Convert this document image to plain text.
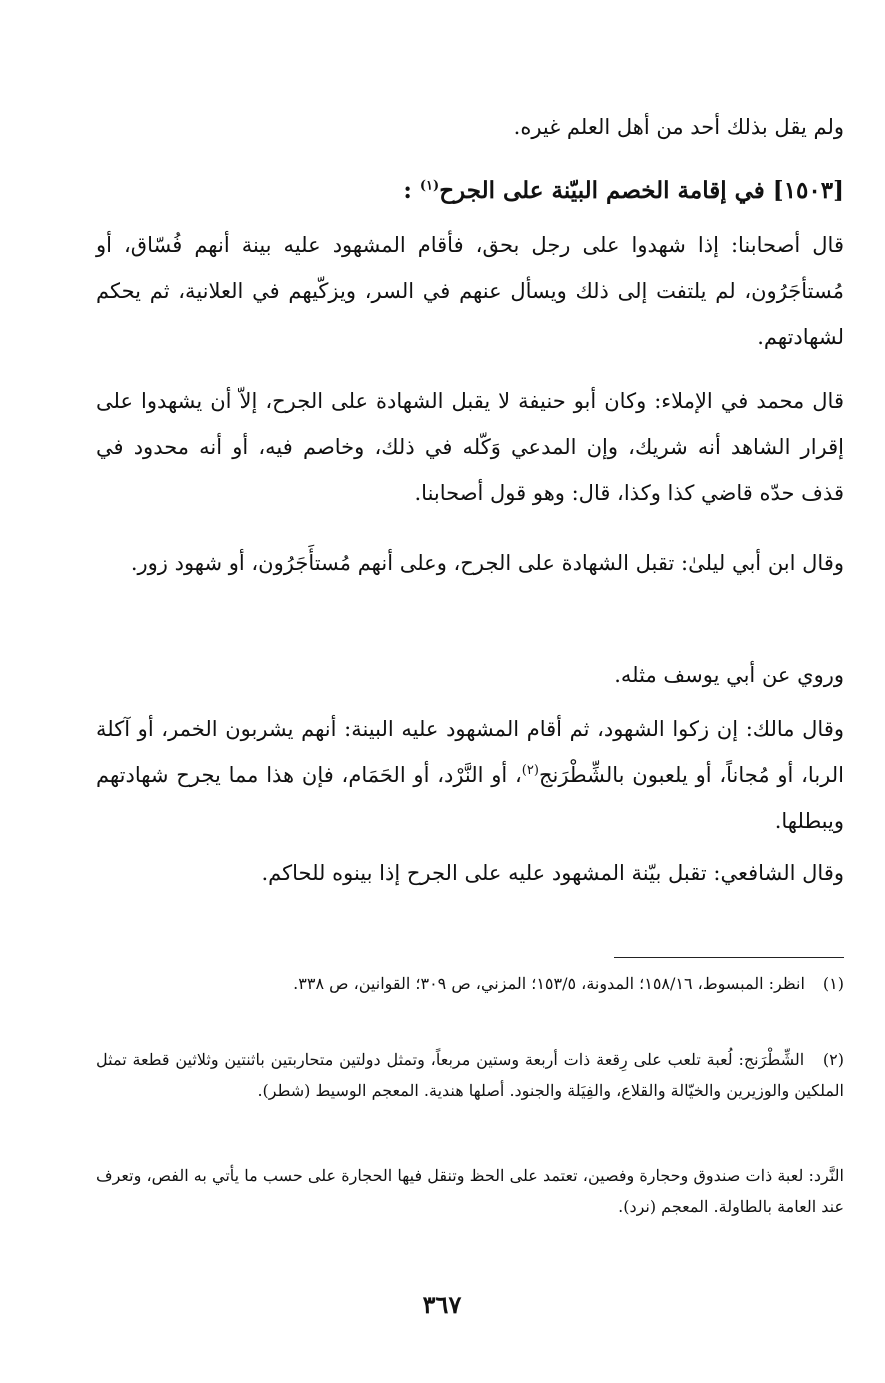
ولم يقل بذلك أحد من أهل العلم غيره.
[١٥٠٣] في إقامة الخصم البيّنة على الجرح$^{(١)}$ :
قال أصحابنا: إذا شهدوا على رجل بحق، فأقام المشهود عليه بينة أنهم فُسّاق، أو مُستأجَرُون، لم يلتفت إلى ذلك ويسأل عنهم في السر، ويزكّيهم في العلانية، ثم يحكم لشهادتهم.
قال محمد في الإملاء: وكان أبو حنيفة لا يقبل الشهادة على الجرح، إلاّ أن يشهدوا على إقرار الشاهد أنه شريك، وإن المدعي وَكّله في ذلك، وخاصم فيه، أو أنه محدود في قذف حدّه قاضي كذا وكذا، قال: وهو قول أصحابنا.
وقال ابن أبي ليلىٰ: تقبل الشهادة على الجرح، وعلى أنهم مُستأَجَرُون، أو شهود زور.
وروي عن أبي يوسف مثله.
وقال مالك: إن زكوا الشهود، ثم أقام المشهود عليه البينة: أنهم يشربون الخمر، أو آكلة الربا، أو مُجاناً، أو يلعبون بالشِّطْرَنج$^{(٢)}$، أو النَّرْد، أو الحَمَام، فإن هذا مما يجرح شهادتهم ويبطلها.
وقال الشافعي: تقبل بيّنة المشهود عليه على الجرح إذا بينوه للحاكم.
(١) انظر: المبسوط، ١٥٨/١٦؛ المدونة، ١٥٣/٥؛ المزني، ص ٣٠٩؛ القوانين، ص ٣٣٨.
(٢) الشِّطْرَنج: لُعبة تلعب على رِقعة ذات أربعة وستين مربعاً، وتمثل دولتين متحاربتين باثنتين وثلاثين قطعة تمثل الملكين والوزيرين والخيّالة والقلاع، والفِيَلة والجنود. أصلها هندية. المعجم الوسيط (شطر).
النَّرد: لعبة ذات صندوق وحجارة وفصين، تعتمد على الحظ وتنقل فيها الحجارة على حسب ما يأتي به الفص، وتعرف عند العامة بالطاولة. المعجم (نرد).
٣٦٧
